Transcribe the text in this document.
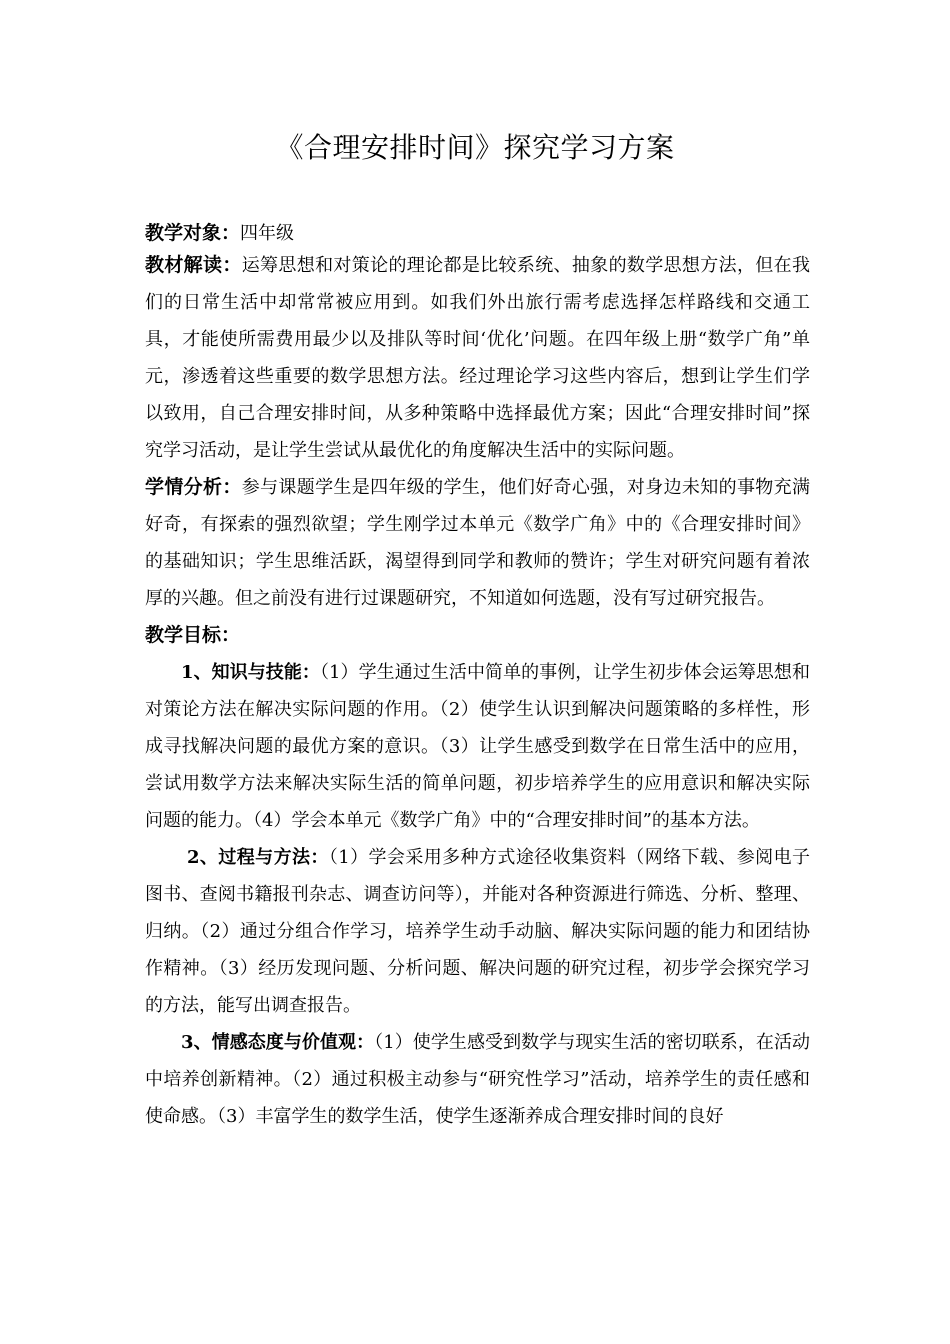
《合理安排时间》探究学习方案

教学对象：四年级

教材解读：运筹思想和对策论的理论都是比较系统、抽象的数学思想方法，但在我们的日常生活中却常常被应用到。如我们外出旅行需考虑选择怎样路线和交通工具，才能使所需费用最少以及排队等时间‘优化’问题。在四年级上册“数学广角”单元，渗透着这些重要的数学思想方法。经过理论学习这些内容后，想到让学生们学以致用，自己合理安排时间，从多种策略中选择最优方案；因此“合理安排时间”探究学习活动，是让学生尝试从最优化的角度解决生活中的实际问题。

学情分析：参与课题学生是四年级的学生，他们好奇心强，对身边未知的事物充满好奇，有探索的强烈欲望；学生刚学过本单元《数学广角》中的《合理安排时间》的基础知识；学生思维活跃，渴望得到同学和教师的赞许；学生对研究问题有着浓厚的兴趣。但之前没有进行过课题研究，不知道如何选题，没有写过研究报告。

教学目标：

1、知识与技能：（1）学生通过生活中简单的事例，让学生初步体会运筹思想和对策论方法在解决实际问题的作用。（2）使学生认识到解决问题策略的多样性，形成寻找解决问题的最优方案的意识。（3）让学生感受到数学在日常生活中的应用，尝试用数学方法来解决实际生活的简单问题，初步培养学生的应用意识和解决实际问题的能力。（4）学会本单元《数学广角》中的“合理安排时间”的基本方法。

2、过程与方法：（1）学会采用多种方式途径收集资料（网络下载、参阅电子图书、查阅书籍报刊杂志、调查访问等），并能对各种资源进行筛选、分析、整理、归纳。（2）通过分组合作学习，培养学生动手动脑、解决实际问题的能力和团结协作精神。（3）经历发现问题、分析问题、解决问题的研究过程，初步学会探究学习的方法，能写出调查报告。

3、情感态度与价值观：（1）使学生感受到数学与现实生活的密切联系，在活动中培养创新精神。（2）通过积极主动参与“研究性学习”活动，培养学生的责任感和使命感。（3）丰富学生的数学生活，使学生逐渐养成合理安排时间的良好
